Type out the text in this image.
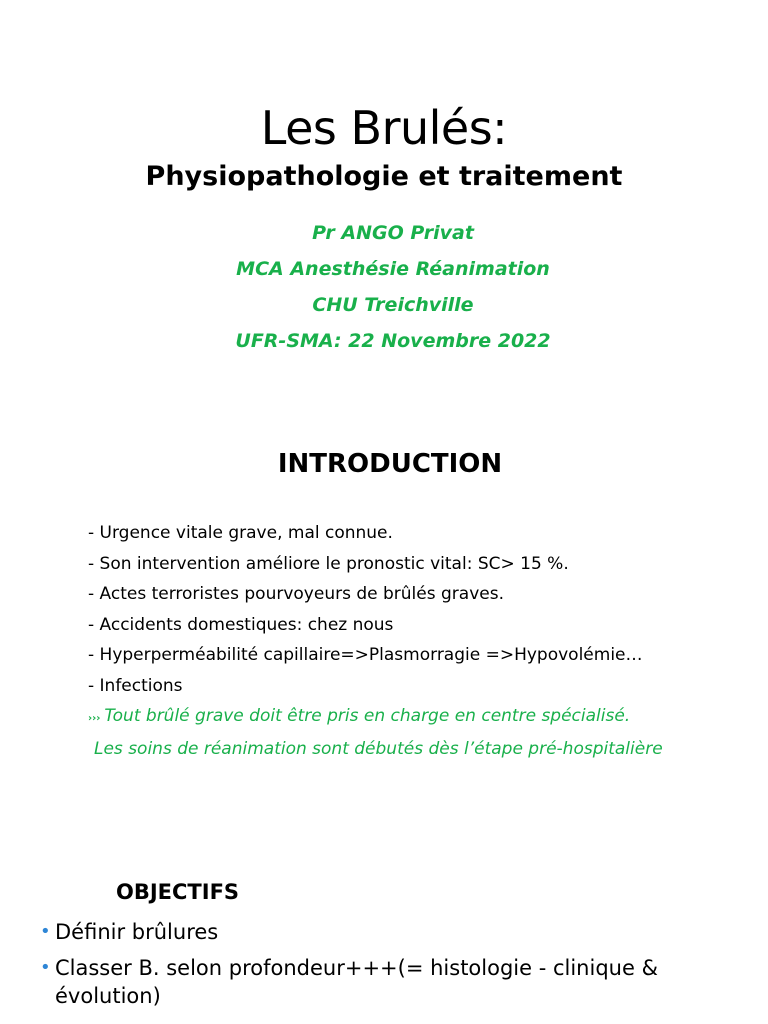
Les Brulés:
Physiopathologie et traitement
Pr ANGO Privat
MCA Anesthésie Réanimation
CHU Treichville
UFR-SMA: 22 Novembre 2022
INTRODUCTION
- Urgence vitale grave, mal connue.
- Son intervention améliore le pronostic vital: SC> 15 %.
- Actes terroristes pourvoyeurs de brûlés graves.
- Accidents domestiques: chez nous
- Hyperperméabilité capillaire=>Plasmorragie =>Hypovolémie…
- Infections
››› Tout brûlé grave doit être pris en charge en centre spécialisé.
Les soins de réanimation sont débutés dès l’étape pré-hospitalière
OBJECTIFS
• Définir brûlures
• Classer B. selon profondeur+++(= histologie - clinique & évolution)
